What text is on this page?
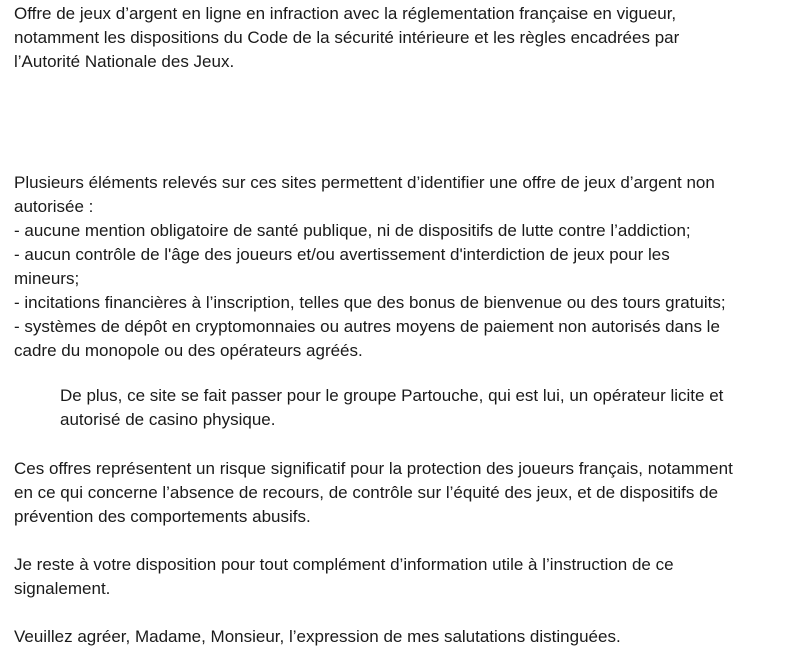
Offre de jeux d’argent en ligne en infraction avec la réglementation française en vigueur,
notamment les dispositions du Code de la sécurité intérieure et les règles encadrées par
l’Autorité Nationale des Jeux.

Plusieurs éléments relevés sur ces sites permettent d’identifier une offre de jeux d’argent non
autorisée :
- aucune mention obligatoire de santé publique, ni de dispositifs de lutte contre l’addiction;
- aucun contrôle de l'âge des joueurs et/ou avertissement d'interdiction de jeux pour les
mineurs;
- incitations financières à l’inscription, telles que des bonus de bienvenue ou des tours gratuits;
- systèmes de dépôt en cryptomonnaies ou autres moyens de paiement non autorisés dans le
cadre du monopole ou des opérateurs agréés.

De plus, ce site se fait passer pour le groupe Partouche, qui est lui, un opérateur licite et
autorisé de casino physique.

Ces offres représentent un risque significatif pour la protection des joueurs français, notamment
en ce qui concerne l’absence de recours, de contrôle sur l’équité des jeux, et de dispositifs de
prévention des comportements abusifs.

Je reste à votre disposition pour tout complément d’information utile à l’instruction de ce
signalement.

Veuillez agréer, Madame, Monsieur, l’expression de mes salutations distinguées.
